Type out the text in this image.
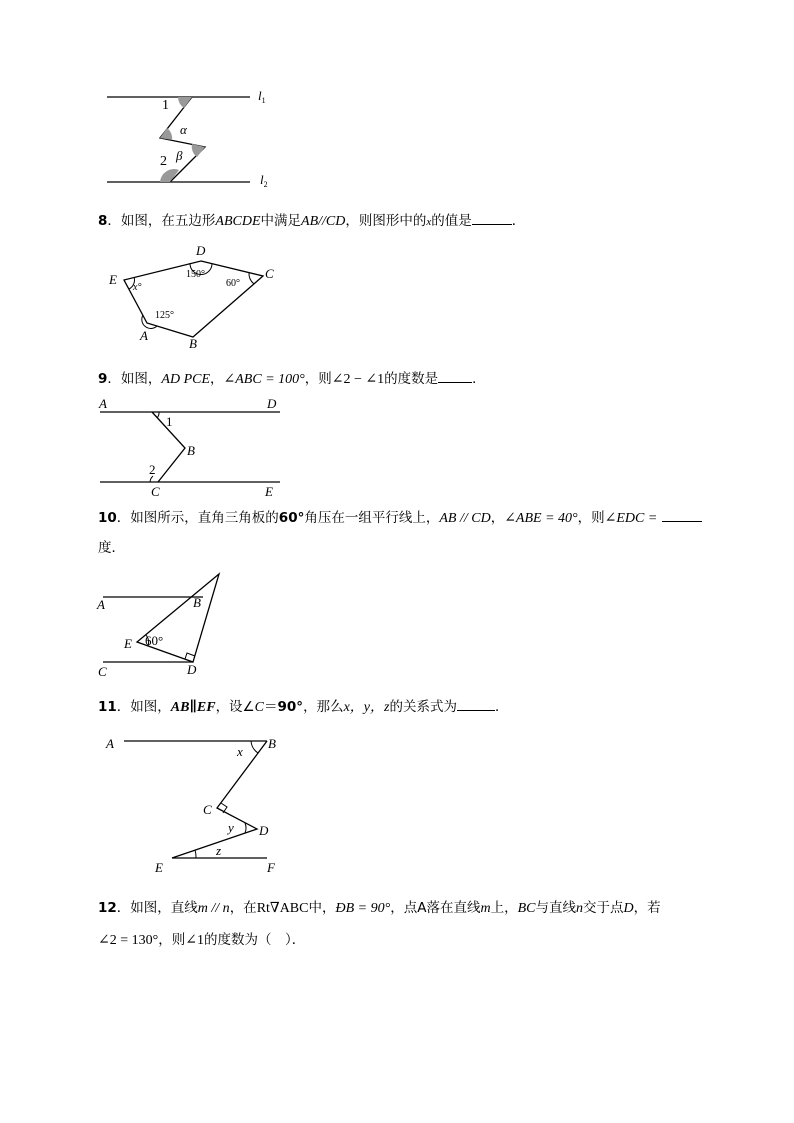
1
α
β
2
$l_1$
$l_2$
8．如图，在五边形ABCDE中满足AB//CD，则图形中的x的值是	．
D
C
E
A
B
150°
60°
x°
125°
9．如图，AD PCE，∠ABC = 100°，则∠2 − ∠1的度数是	．
A	D
B
C	E
1
2
10．如图所示，直角三角板的60°角压在一组平行线上，AB // CD，∠ABE = 40°，则∠EDC =
度．
A	B
E
C	D
60°
11．如图，AB∥EF，设∠C＝90°，那么x，y，z的关系式为	．
A	B
C
D
E	F
x
y
z
12．如图，直线m // n，在Rt∇ABC中，ÐB = 90°，点A落在直线m上，BC与直线n交于点D，若
∠2 = 130°，则∠1的度数为（　）．
